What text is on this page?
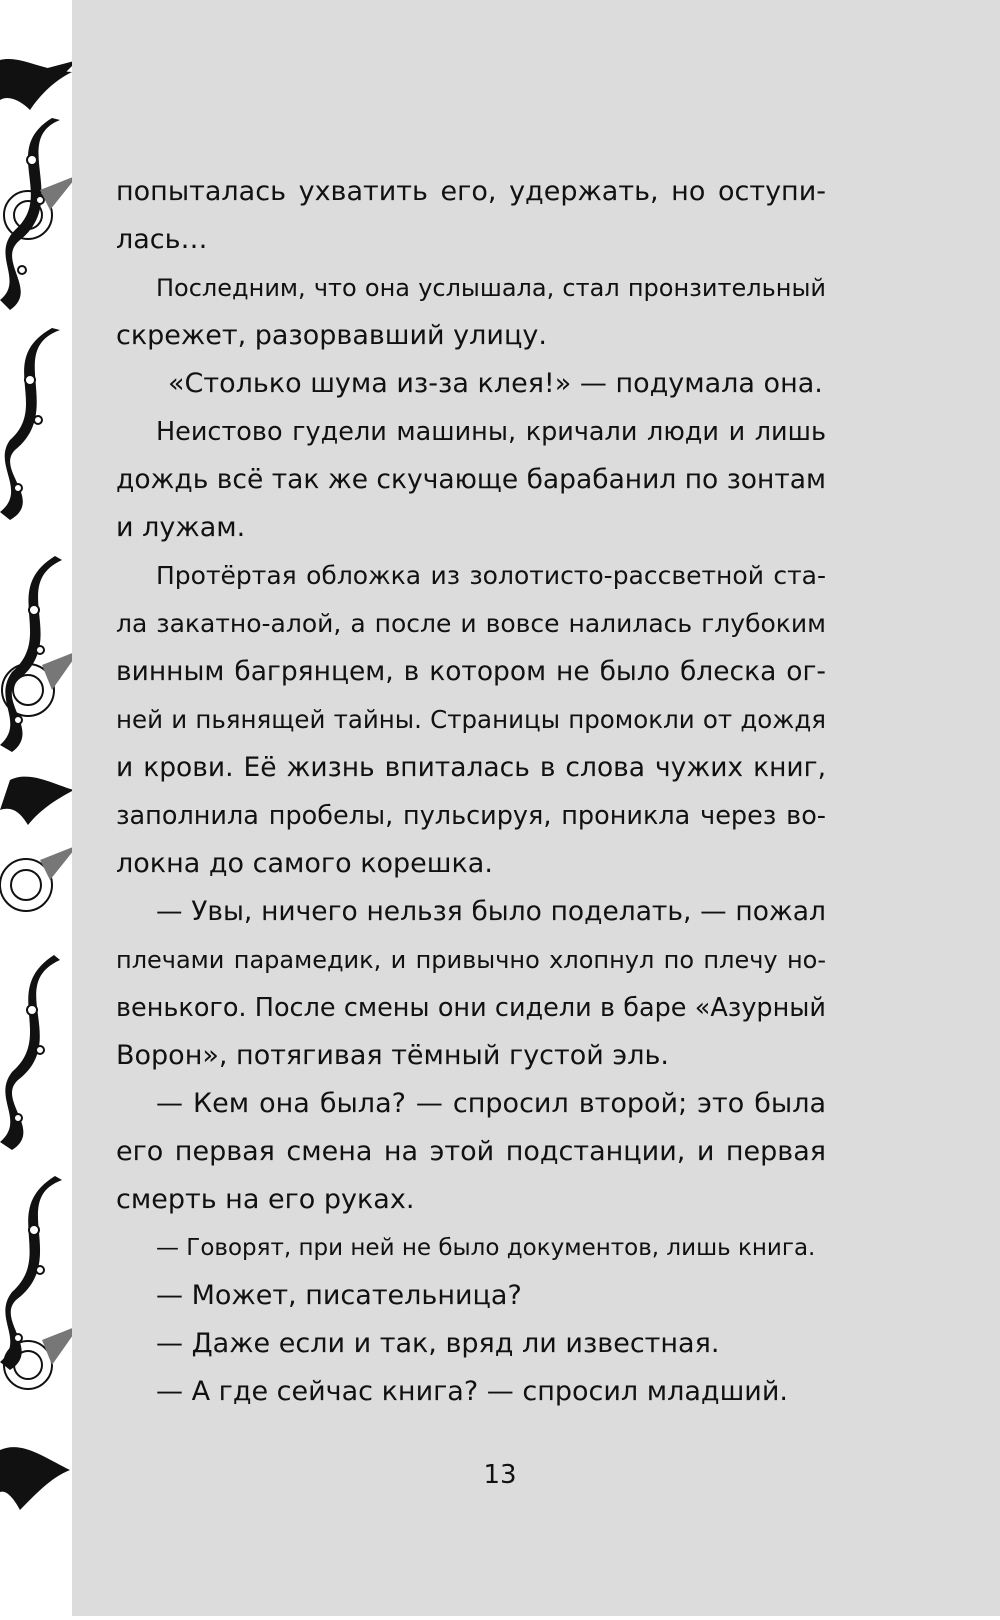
попыталась ухватить его, удержать, но оступи-
лась…
Последним, что она услышала, стал пронзительный
скрежет, разорвавший улицу.
«Столько шума из-за клея!» — подумала она.
Неистово гудели машины, кричали люди и лишь
дождь всё так же скучающе барабанил по зонтам
и лужам.
Протёртая обложка из золотисто-рассветной ста-
ла закатно-алой, а после и вовсе налилась глубоким
винным багрянцем, в котором не было блеска ог-
ней и пьянящей тайны. Страницы промокли от дождя
и крови. Её жизнь впиталась в слова чужих книг,
заполнила пробелы, пульсируя, проникла через во-
локна до самого корешка.
— Увы, ничего нельзя было поделать, — пожал
плечами парамедик, и привычно хлопнул по плечу но-
венького. После смены они сидели в баре «Азурный
Ворон», потягивая тёмный густой эль.
— Кем она была? — спросил второй; это была
его первая смена на этой подстанции, и первая
смерть на его руках.
— Говорят, при ней не было документов, лишь книга.
— Может, писательница?
— Даже если и так, вряд ли известная.
— А где сейчас книга? — спросил младший.
13
